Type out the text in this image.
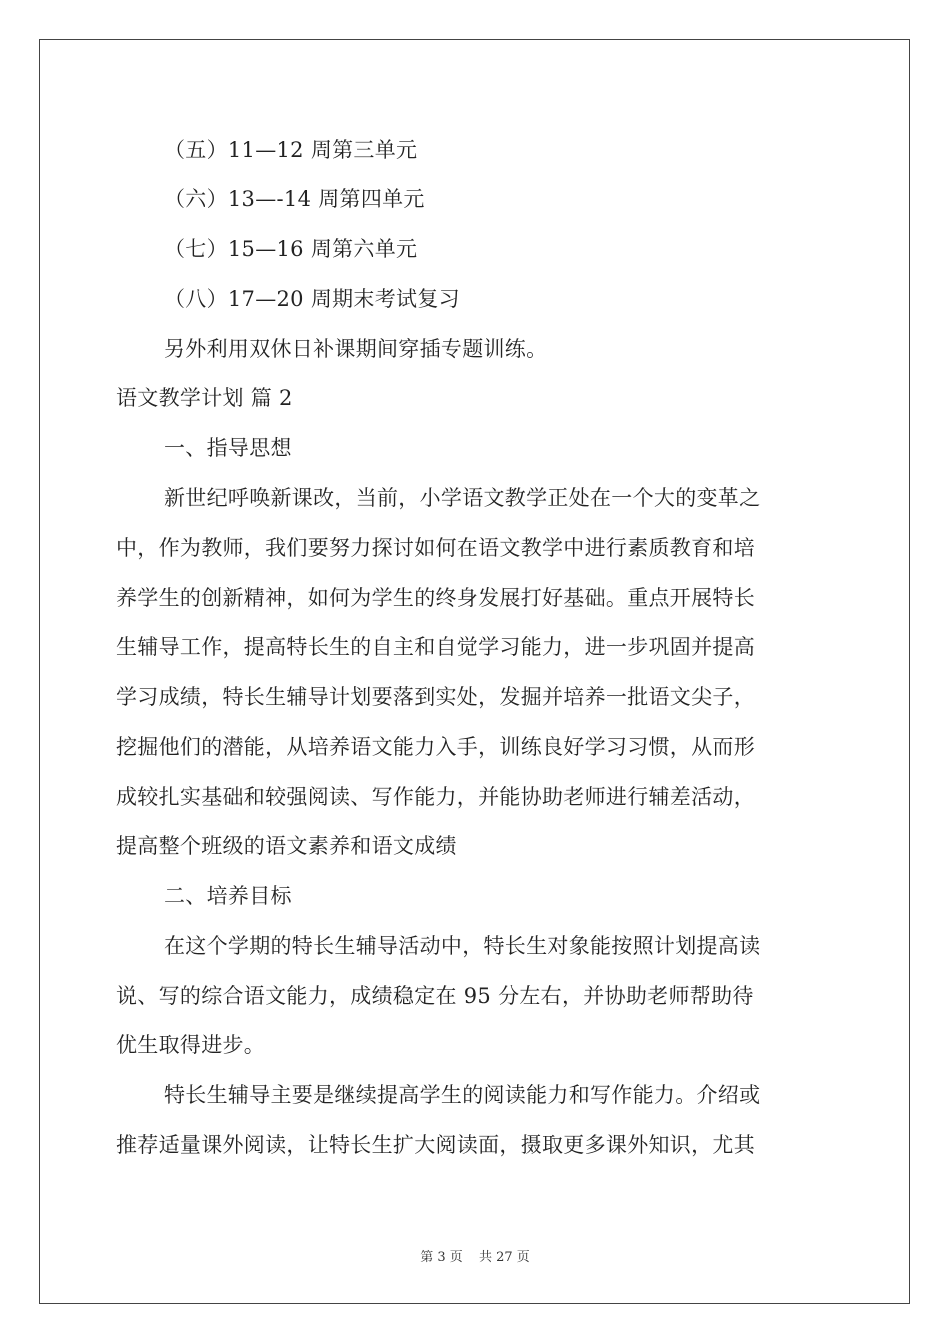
（五）11—12 周第三单元
（六）13—-14 周第四单元
（七）15—16 周第六单元
（八）17—20 周期末考试复习
另外利用双休日补课期间穿插专题训练。
语文教学计划 篇 2
一、指导思想
新世纪呼唤新课改，当前，小学语文教学正处在一个大的变革之
中，作为教师，我们要努力探讨如何在语文教学中进行素质教育和培
养学生的创新精神，如何为学生的终身发展打好基础。重点开展特长
生辅导工作，提高特长生的自主和自觉学习能力，进一步巩固并提高
学习成绩，特长生辅导计划要落到实处，发掘并培养一批语文尖子，
挖掘他们的潜能，从培养语文能力入手，训练良好学习习惯，从而形
成较扎实基础和较强阅读、写作能力，并能协助老师进行辅差活动，
提高整个班级的语文素养和语文成绩
二、培养目标
在这个学期的特长生辅导活动中，特长生对象能按照计划提高读
说、写的综合语文能力，成绩稳定在 95 分左右，并协助老师帮助待
优生取得进步。
特长生辅导主要是继续提高学生的阅读能力和写作能力。介绍或
推荐适量课外阅读，让特长生扩大阅读面，摄取更多课外知识，尤其
第 3 页 共 27 页
